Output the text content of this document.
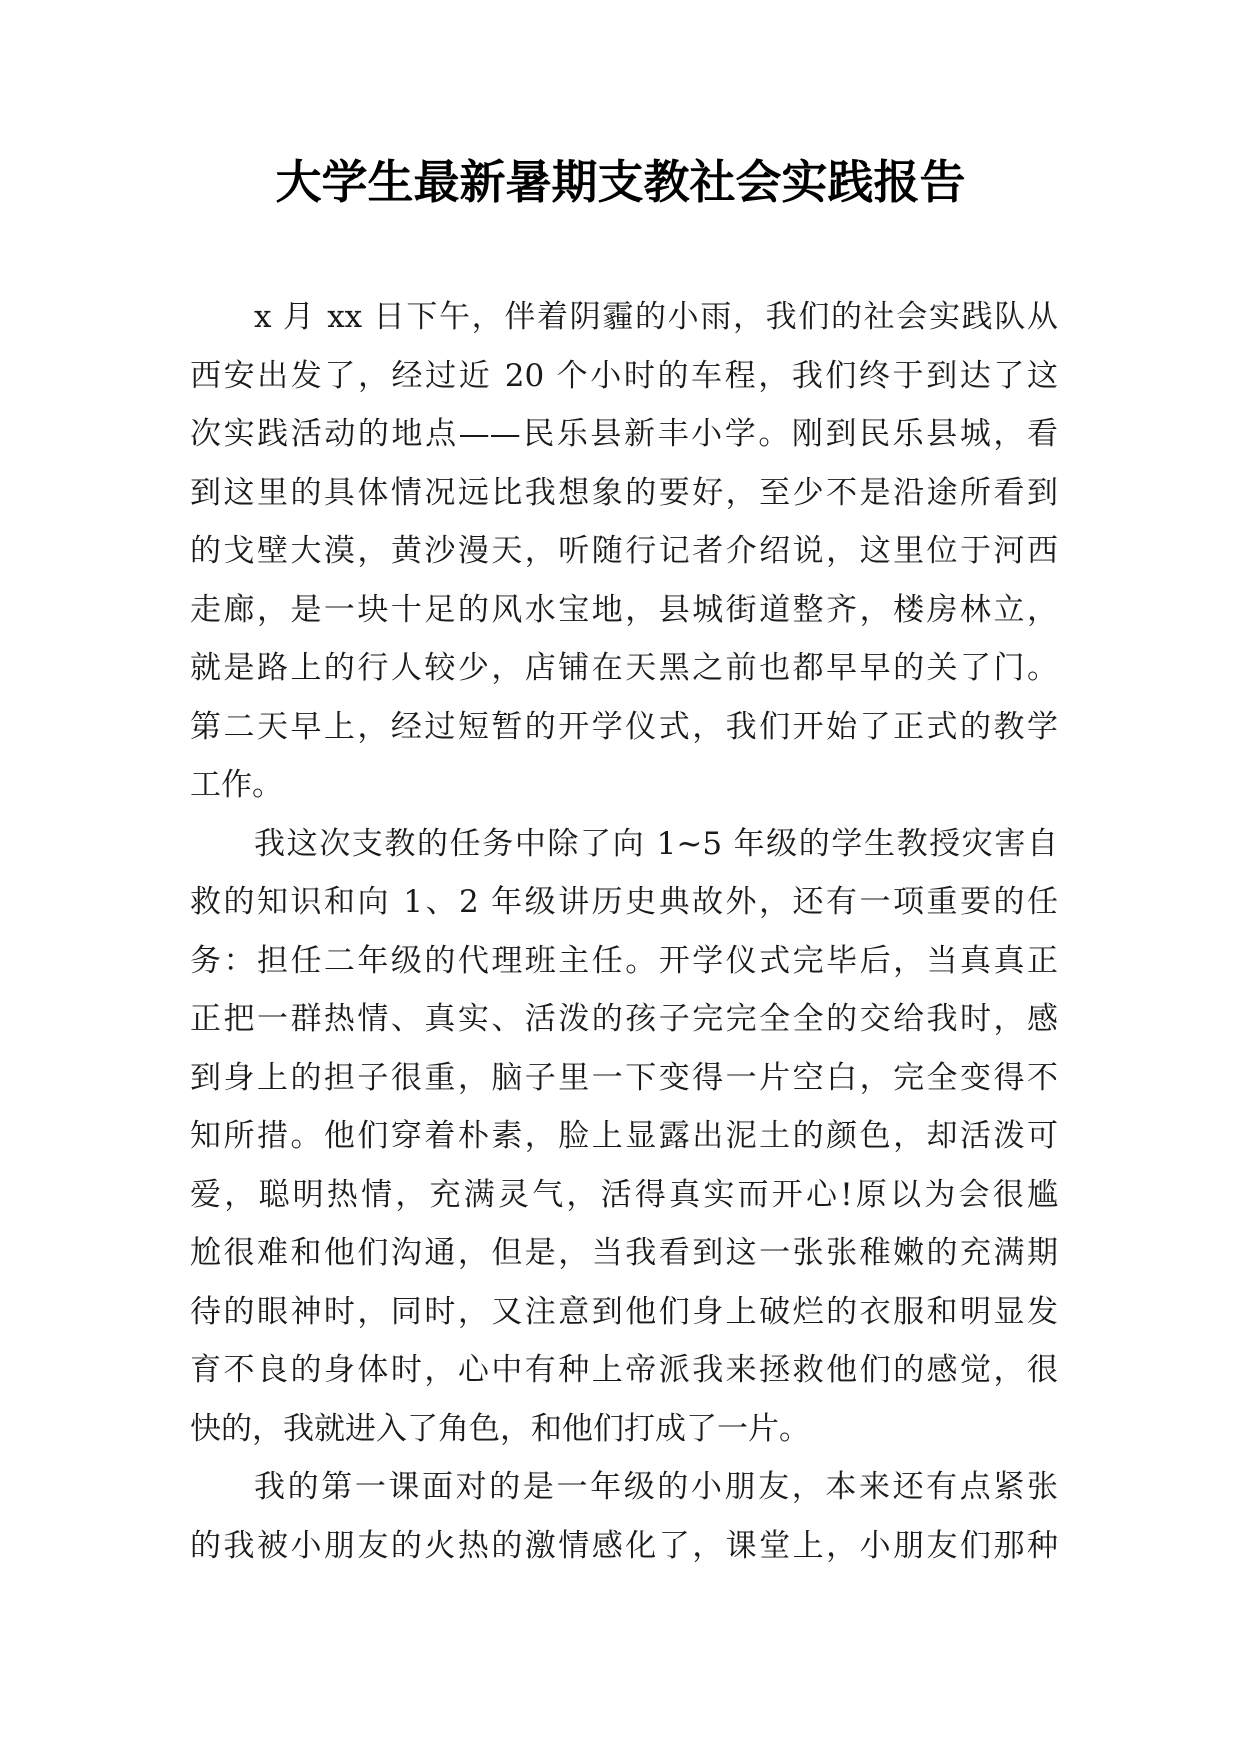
大学生最新暑期支教社会实践报告
x 月 xx 日下午，伴着阴霾的小雨，我们的社会实践队从
西安出发了，经过近 20 个小时的车程，我们终于到达了这
次实践活动的地点——民乐县新丰小学。刚到民乐县城，看
到这里的具体情况远比我想象的要好，至少不是沿途所看到
的戈壁大漠，黄沙漫天，听随行记者介绍说，这里位于河西
走廊，是一块十足的风水宝地，县城街道整齐，楼房林立，
就是路上的行人较少，店铺在天黑之前也都早早的关了门。
第二天早上，经过短暂的开学仪式，我们开始了正式的教学
工作。
我这次支教的任务中除了向 1~5 年级的学生教授灾害自
救的知识和向 1、2 年级讲历史典故外，还有一项重要的任
务：担任二年级的代理班主任。开学仪式完毕后，当真真正
正把一群热情、真实、活泼的孩子完完全全的交给我时，感
到身上的担子很重，脑子里一下变得一片空白，完全变得不
知所措。他们穿着朴素，脸上显露出泥土的颜色，却活泼可
爱，聪明热情，充满灵气，活得真实而开心!原以为会很尴
尬很难和他们沟通，但是，当我看到这一张张稚嫩的充满期
待的眼神时，同时，又注意到他们身上破烂的衣服和明显发
育不良的身体时，心中有种上帝派我来拯救他们的感觉，很
快的，我就进入了角色，和他们打成了一片。
我的第一课面对的是一年级的小朋友，本来还有点紧张
的我被小朋友的火热的激情感化了，课堂上，小朋友们那种
